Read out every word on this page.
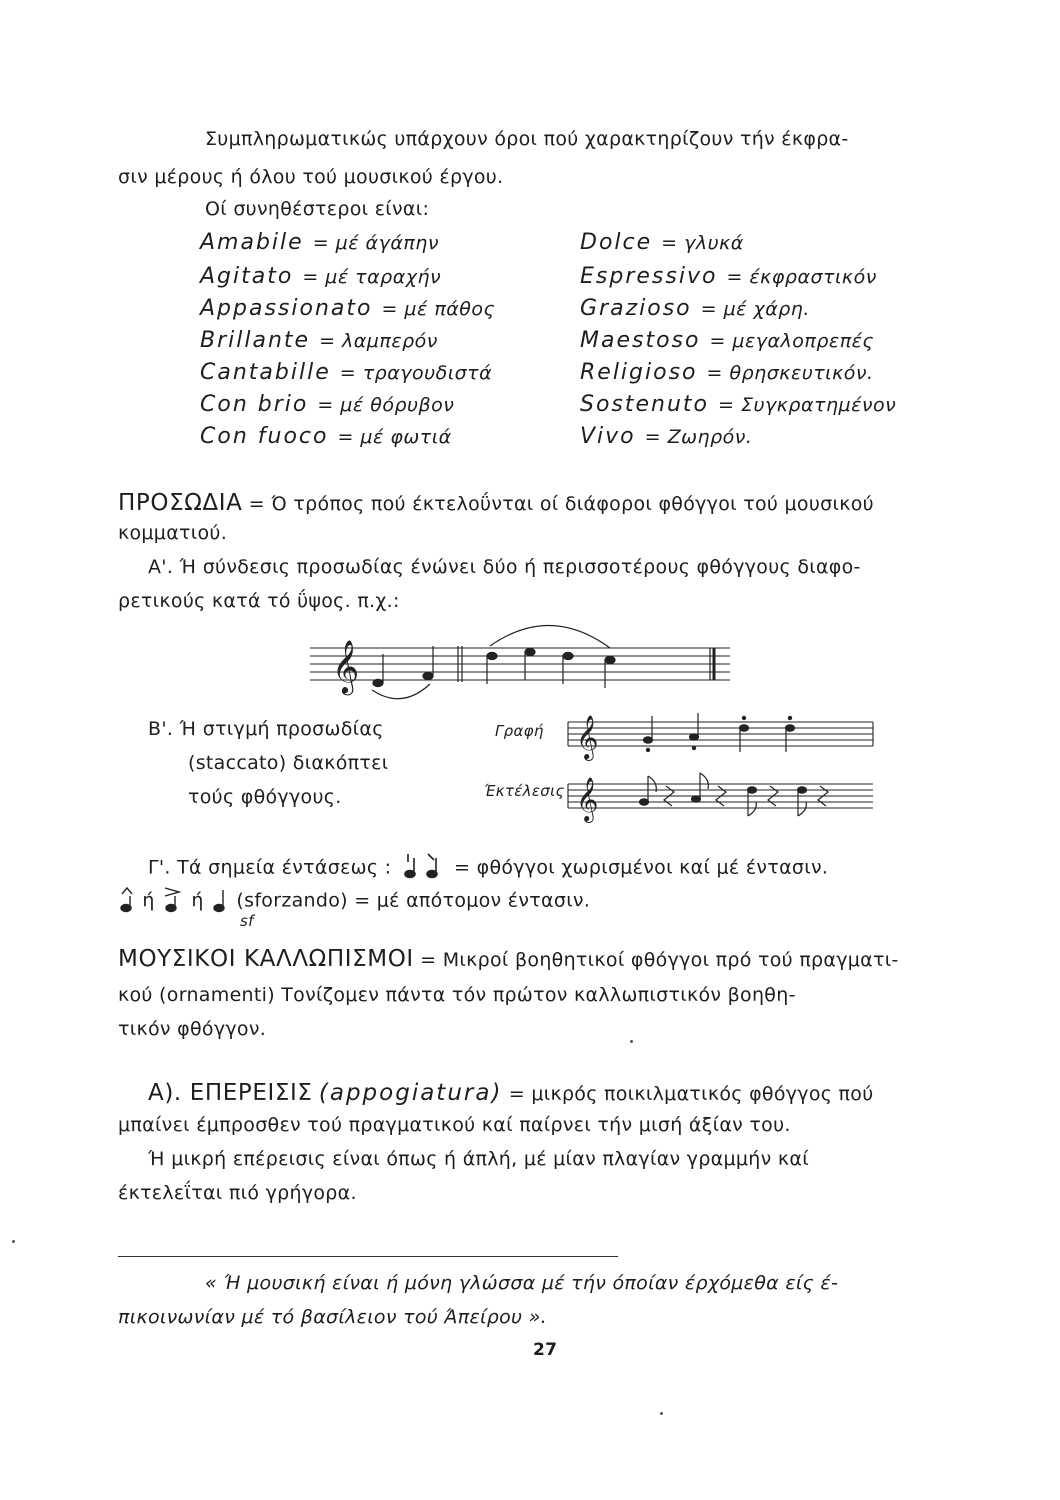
Συμπληρωματικώς υπάρχουν όροι πού χαρακτηρίζουν τήν έκφρα-
σιν μέρους ή όλου τού μουσικού έργου.
Οί συνηθέστεροι είναι:
Amabile = μέ άγάπην
Agitato = μέ ταραχήν
Appassionato = μέ πάθος
Brillante = λαμπερόν
Cantabille = τραγουδιστά
Con brio = μέ θόρυβον
Con fuoco = μέ φωτιά
Dolce = γλυκά
Espressivo = έκφραστικόν
Grazioso = μέ χάρη.
Maestoso = μεγαλοπρεπές
Religioso = θρησκευτικόν.
Sostenuto = Συγκρατημένον
Vivo = Ζωηρόν.
ΠΡΟΣΩΔΙΑ = Ό τρόπος πού έκτελοΰνται οί διάφοροι φθόγγοι τού μουσικού
κομματιού.
Α'. Ή σύνδεσις προσωδίας ένώνει δύο ή περισσοτέρους φθόγγους διαφο-
ρετικούς κατά τό ΰψος. π.χ.:
𝄞
Β'. Ή στιγμή προσωδίας
(staccato) διακόπτει
τούς φθόγγους.
Γραφή
Έκτέλεσις
𝄞
𝄞
Γ'. Τά σημεία έντάσεως :	= φθόγγοι χωρισμένοι καί μέ έντασιν.
ή ή (sforzando) = μέ απότομον έντασιν.
sf
ΜΟΥΣΙΚΟΙ ΚΑΛΛΩΠΙΣΜΟΙ = Μικροί βοηθητικοί φθόγγοι πρό τού πραγματι-
κού (ornamenti) Τονίζομεν πάντα τόν πρώτον καλλωπιστικόν βοηθη-
τικόν φθόγγον.
Α). ΕΠΕΡΕΙΣΙΣ (appogiatura) = μικρός ποικιλματικός φθόγγος πού
μπαίνει έμπροσθεν τού πραγματικού καί παίρνει τήν μισή άξίαν του.
Ή μικρή επέρεισις είναι όπως ή άπλή, μέ μίαν πλαγίαν γραμμήν καί
έκτελεΐται πιό γρήγορα.
« Ή μουσική είναι ή μόνη γλώσσα μέ τήν όποίαν έρχόμεθα είς έ-
πικοινωνίαν μέ τό βασίλειον τού Άπείρου ».
27
